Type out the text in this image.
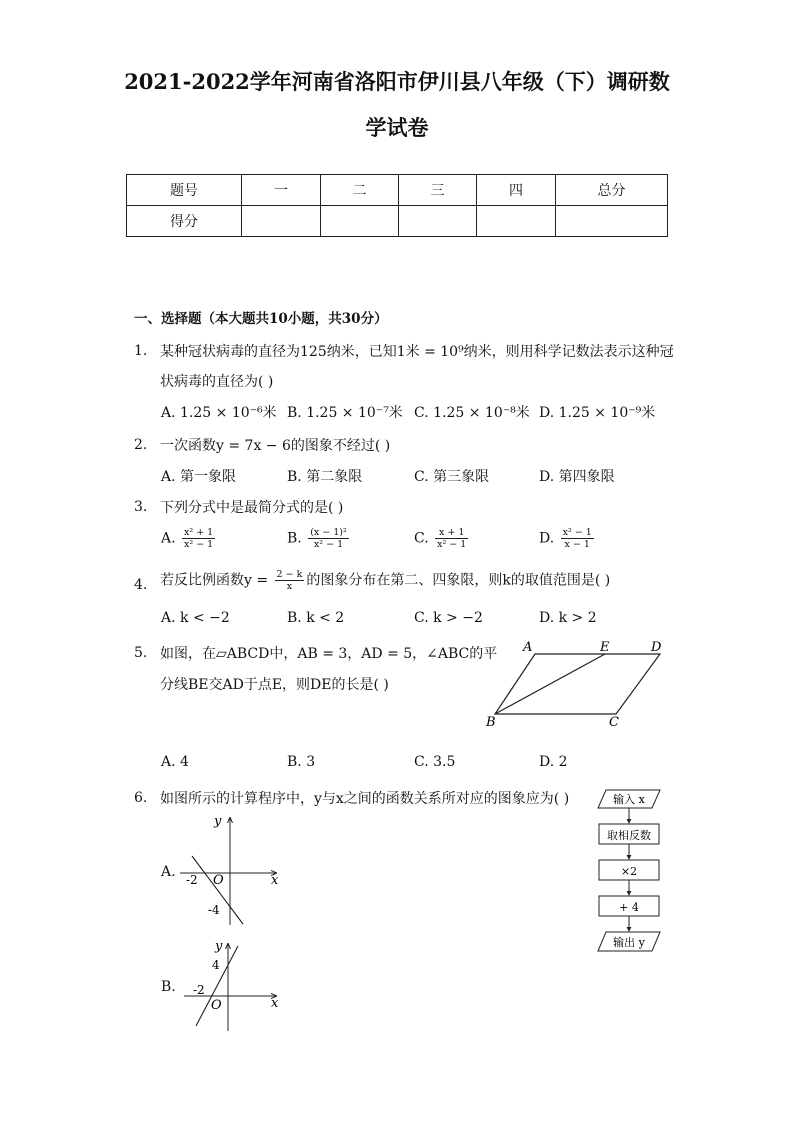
2021-2022学年河南省洛阳市伊川县八年级（下）调研数
学试卷
题号	一	二	三	四	总分
得分					
一、选择题（本大题共10小题，共30分）
1. 某种冠状病毒的直径为125纳米，已知1米 = 10⁹纳米，则用科学记数法表示这种冠
状病毒的直径为( )
A. 1.25 × 10⁻⁶米 B. 1.25 × 10⁻⁷米 C. 1.25 × 10⁻⁸米 D. 1.25 × 10⁻⁹米
2. 一次函数y = 7x − 6的图象不经过( )
A. 第一象限	B. 第二象限	C. 第三象限	D. 第四象限
3. 下列分式中是最简分式的是( )
A. $\frac{\text{x² + 1}}{\text{x² − 1}}$	B. $\frac{\text{(x − 1)²}}{\text{x² − 1}}$	C. $\frac{x + 1}{\text{x² − 1}}$	D. $\frac{\text{x² − 1}}{x - 1}$
4. 若反比例函数$y = \frac{2 - k}{x}$ 的图象分布在第二、四象限，则k的取值范围是( )
A. k < −2	B. k < 2	C. k > −2	D. k > 2
5. 如图，在▱ABCD中，AB = 3，AD = 5，∠ABC的平
分线BE交AD于点E，则DE的长是( )
A	E	D
B	C
A. 4	B. 3	C. 3.5	D. 2
6. 如图所示的计算程序中，y与x之间的函数关系所对应的图象应为( )	输入 x
取相反数
×2
+ 4
输出 y
A.
y
x
O
-2
-4
B.
y
x
O
-2
4
